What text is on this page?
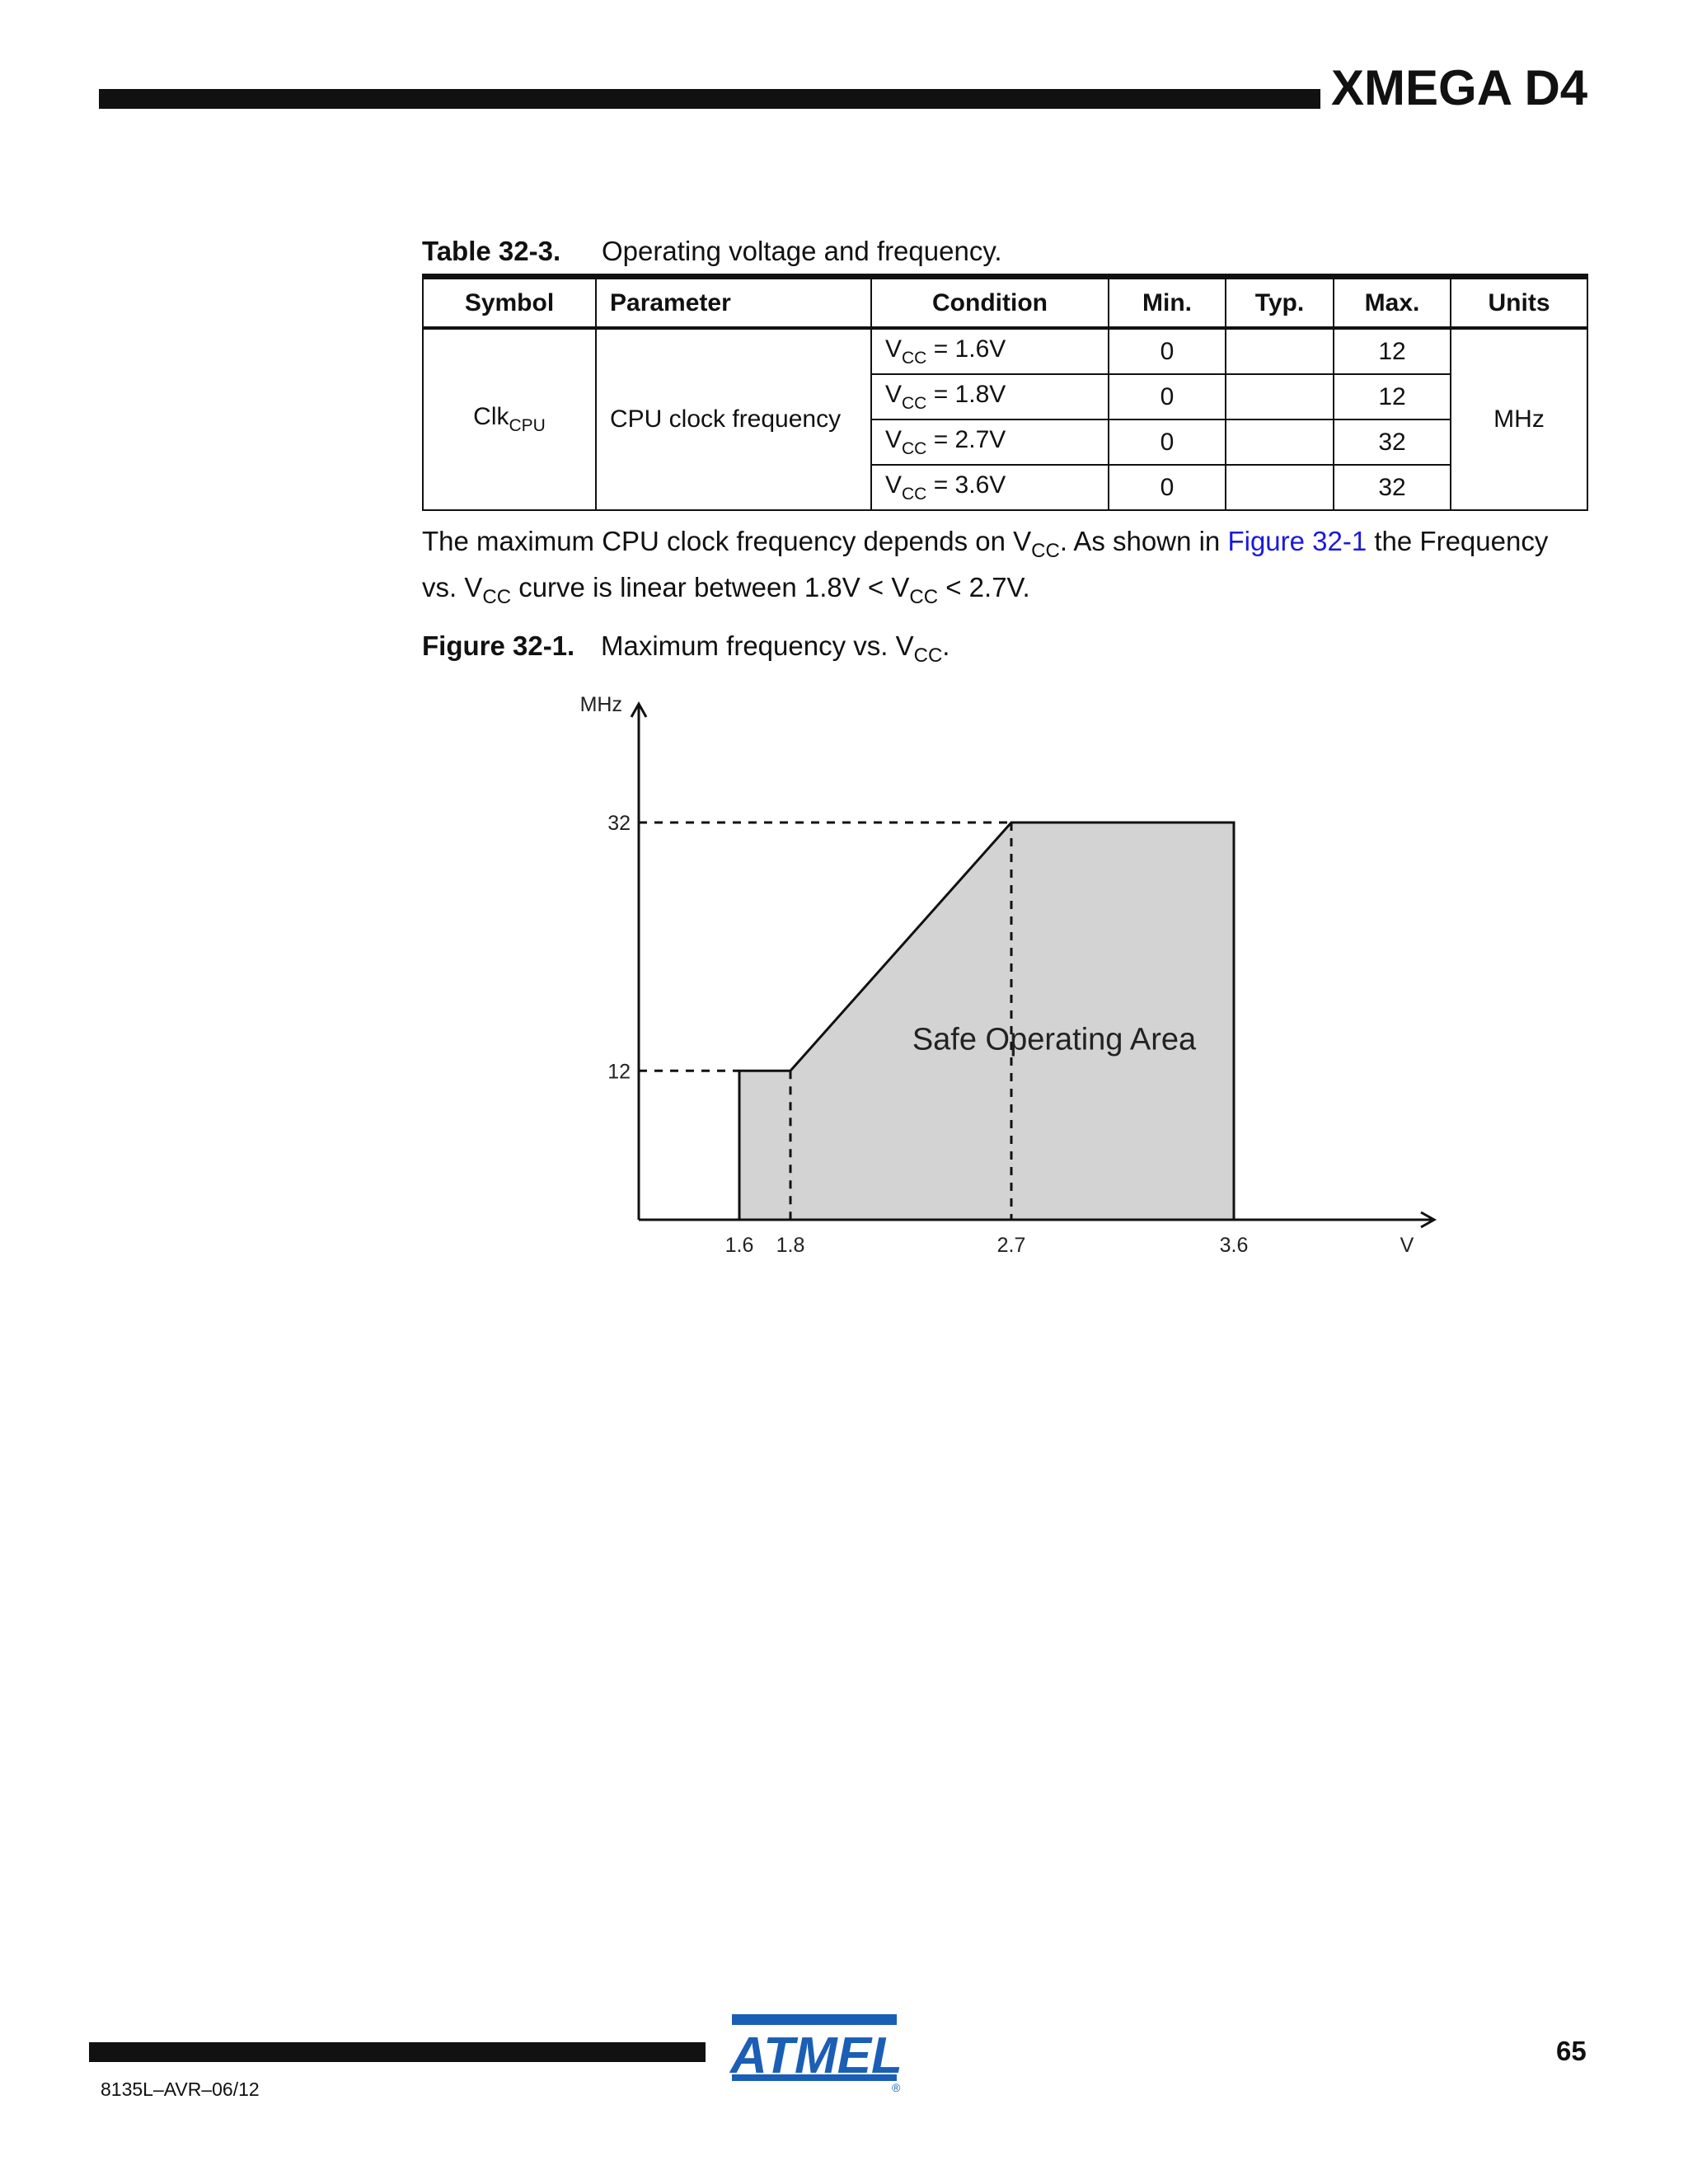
XMEGA D4
Table 32-3. Operating voltage and frequency.
Symbol	Parameter	Condition	Min.	Typ.	Max.	Units
Clk$_{CPU}$	CPU clock frequency	$V_{CC} = 1.6V$	0		12	MHz
		$V_{CC} = 1.8V$	0		12	
		$V_{CC} = 2.7V$	0		32	
		$V_{CC} = 3.6V$	0		32	
The maximum CPU clock frequency depends on $V_{CC}$. As shown in Figure 32-1 the Frequency vs. $V_{CC}$ curve is linear between $1.8V < V_{CC} < 2.7V$.
Figure 32-1. Maximum frequency vs. $V_{CC}$.
12
32
1.6 1.8	2.7	3.6
MHz
V
Safe Operating Area
65
8135L–AVR–06/12
ATMEL
®
